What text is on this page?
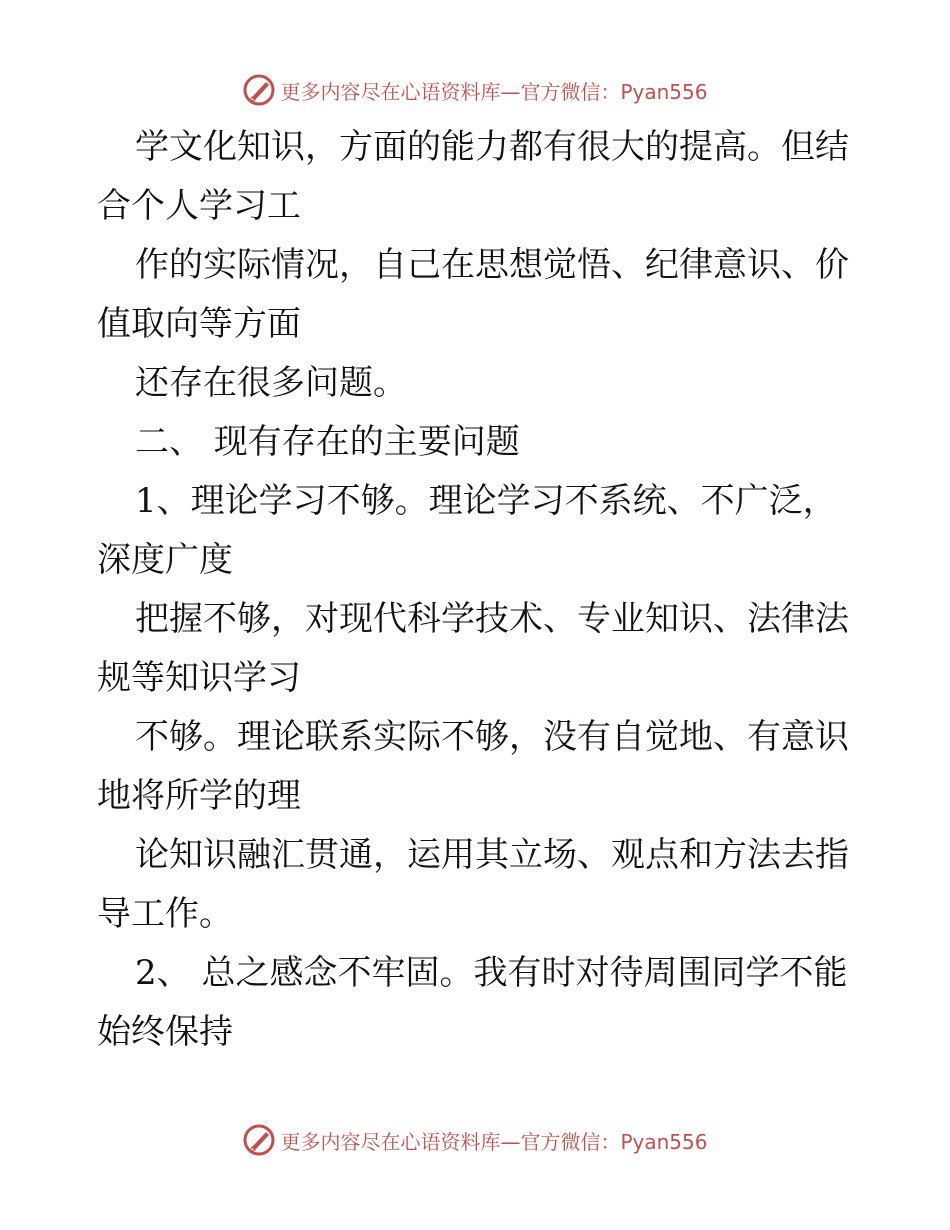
更多内容尽在心语资料库—官方微信：Pyan556
学文化知识，方面的能力都有很大的提高。但结
合个人学习工
作的实际情况，自己在思想觉悟、纪律意识、价
值取向等方面
还存在很多问题。
二、 现有存在的主要问题
1、理论学习不够。理论学习不系统、不广泛，
深度广度
把握不够，对现代科学技术、专业知识、法律法
规等知识学习
不够。理论联系实际不够，没有自觉地、有意识
地将所学的理
论知识融汇贯通，运用其立场、观点和方法去指
导工作。
2、 总之感念不牢固。我有时对待周围同学不能
始终保持
更多内容尽在心语资料库—官方微信：Pyan556
